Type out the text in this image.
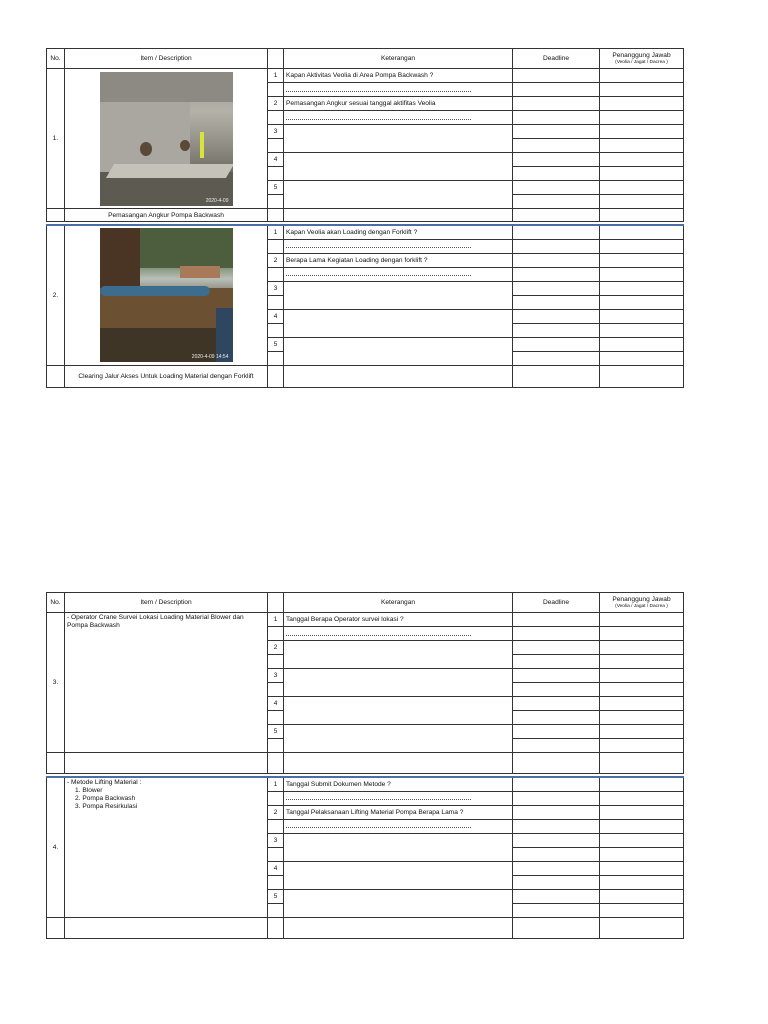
No.	Item / Description		Keterangan	Deadline	Penanggung Jawab
(Veolia / Jagat / Dacrea )

1.	2020-4-09	1	Kapan Aktivitas Veolia di Area Pompa Backwash ?		

		2	Pemasangan Angkur sesuai tanggal aktifitas Veolia		

		3			

		4			

		5			

	Pemasangan Angkur Pompa Backwash				

2.	2020-4-09 14:54	1	Kapan Veolia akan Loading dengan Forklift ?		

		2	Berapa Lama Kegiatan Loading dengan forklift ?		

		3			

		4			

		5			

	Clearing Jalur Akses Untuk Loading Material dengan Forklift				
No.	Item / Description		Keterangan	Deadline	Penanggung Jawab
(Veolia / Jagat / Dacrea )

3.	- Operator Crane Survei Lokasi Loading Material Blower dan Pompa Backwash	1	Tanggal Berapa Operator survei lokasi ?		

		2			

		3			

		4			

		5			

4.	- Metode Lifting Material :
1. Blower
2. Pompa Backwash
3. Pompa Resirkulasi	1	Tanggal Submit Dokumen Metode ?		

		2	Tanggal Pelaksanaan Lifting Material Pompa Berapa Lama ?		

		3			

		4			

		5			
